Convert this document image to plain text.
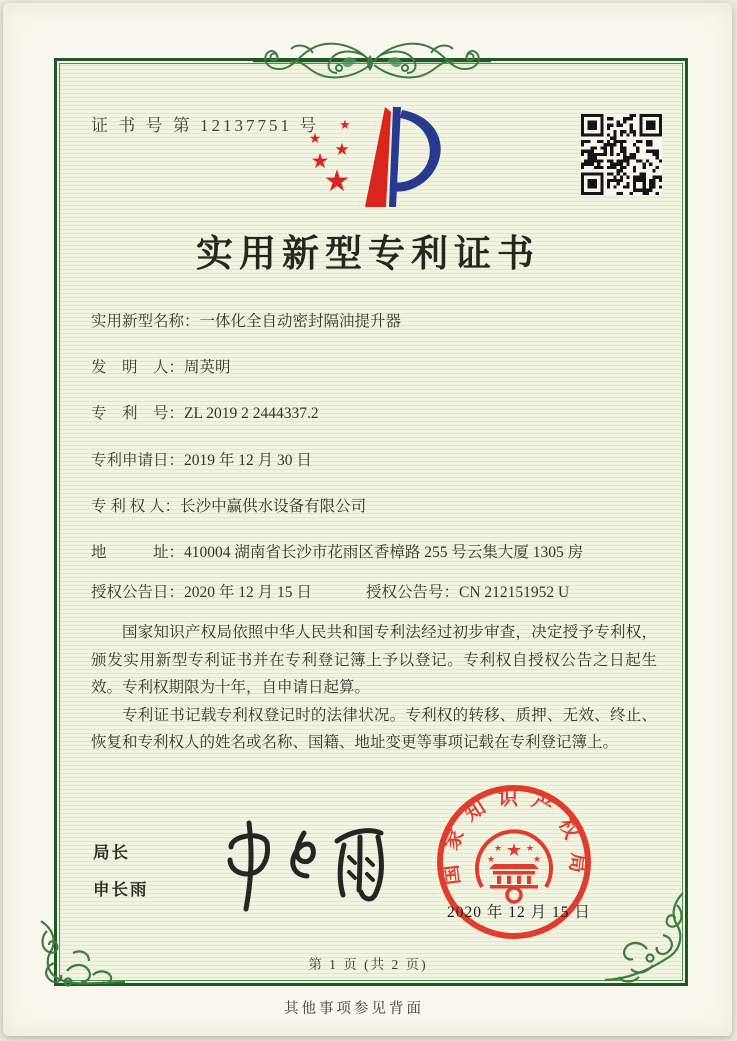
证 书 号 第 12137751 号
★
★ ★
★
★
实用新型专利证书
实用新型名称：一体化全自动密封隔油提升器
发　明　人：周英明
专　利　号：ZL 2019 2 2444337.2
专利申请日：2019 年 12 月 30 日
专 利 权 人：长沙中赢供水设备有限公司
地　　　址：410004 湖南省长沙市花雨区香樟路 255 号云集大厦 1305 房
授权公告日：2020 年 12 月 15 日	授权公告号：CN 212151952 U

国家知识产权局依照中华人民共和国专利法经过初步审查，决定授予专利权，颁发实用新型专利证书并在专利登记簿上予以登记。专利权自授权公告之日起生效。专利权期限为十年，自申请日起算。

专利证书记载专利权登记时的法律状况。专利权的转移、质押、无效、终止、恢复和专利权人的姓名或名称、国籍、地址变更等事项记载在专利登记簿上。

局长
申长雨
国家知识产权局
★
★	★
★	★
2020 年 12 月 15 日
第 1 页 (共 2 页)
其他事项参见背面
